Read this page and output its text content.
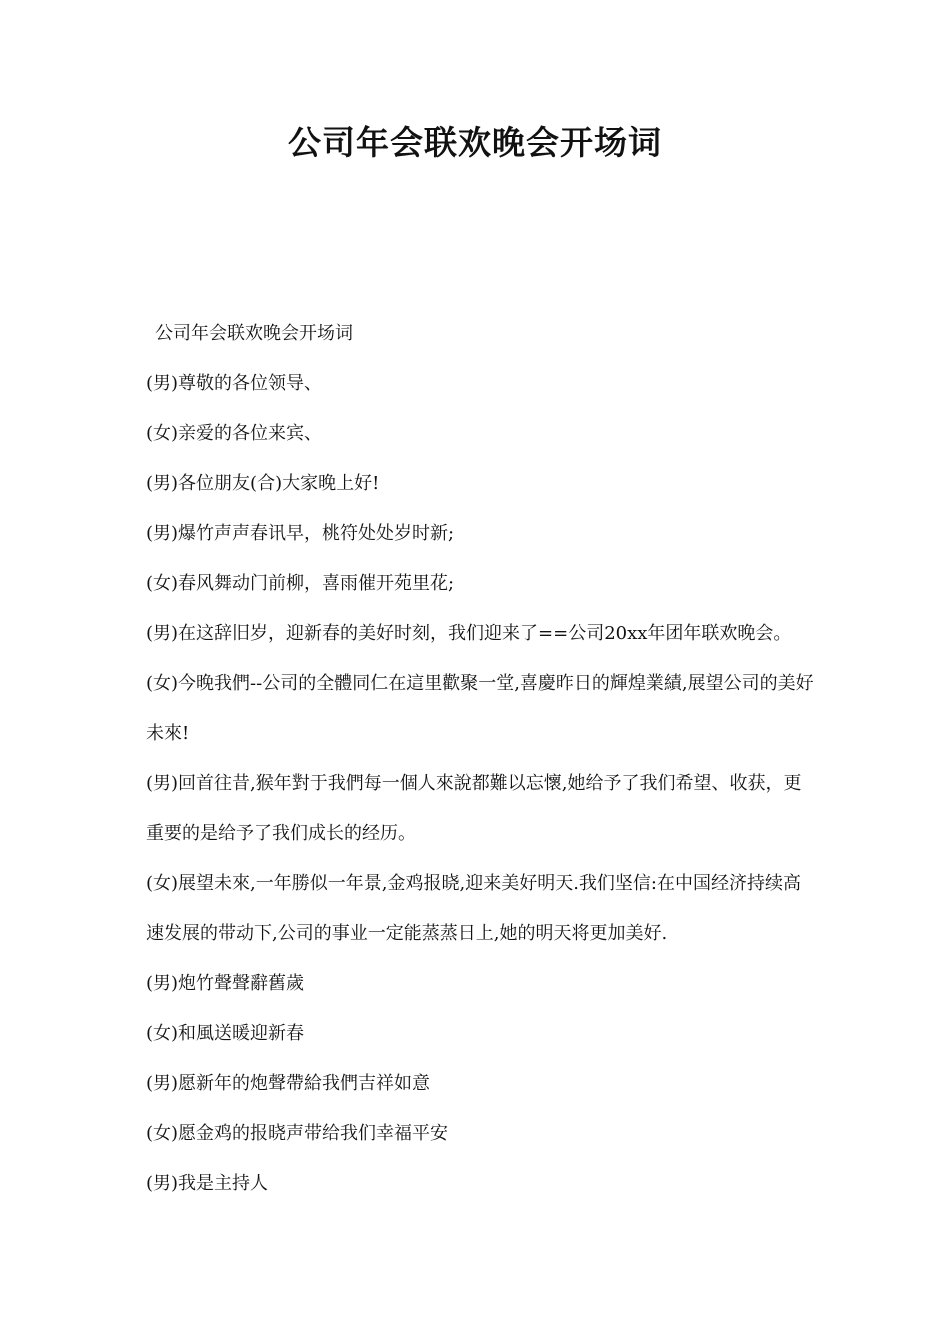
公司年会联欢晚会开场词

公司年会联欢晚会开场词

(男)尊敬的各位领导、

(女)亲爱的各位来宾、

(男)各位朋友(合)大家晚上好!

(男)爆竹声声春讯早，桃符处处岁时新;

(女)春风舞动门前柳，喜雨催开苑里花;

(男)在这辞旧岁，迎新春的美好时刻，我们迎来了==公司20xx年团年联欢晚会。

(女)今晚我們--公司的全體同仁在這里歡聚一堂,喜慶昨日的輝煌業績,展望公司的美好未來!

(男)回首往昔,猴年對于我們每一個人來說都難以忘懷,她给予了我们希望、收获，更重要的是给予了我们成长的经历。

(女)展望未來,一年勝似一年景,金鸡报晓,迎来美好明天.我们坚信:在中国经济持续高速发展的带动下,公司的事业一定能蒸蒸日上,她的明天将更加美好.

(男)炮竹聲聲辭舊歲

(女)和風送暖迎新春

(男)愿新年的炮聲帶給我們吉祥如意

(女)愿金鸡的报晓声带给我们幸福平安

(男)我是主持人
